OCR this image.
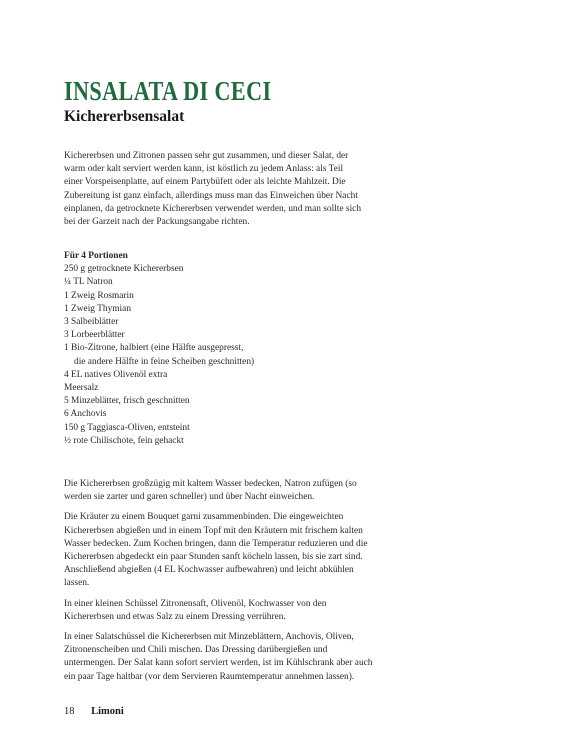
INSALATA DI CECI
Kichererbsensalat

Kichererbsen und Zitronen passen sehr gut zusammen, und dieser Salat, der warm oder kalt serviert werden kann, ist köstlich zu jedem Anlass: als Teil einer Vorspeisenplatte, auf einem Partybüfett oder als leichte Mahlzeit. Die Zubereitung ist ganz einfach, allerdings muss man das Einweichen über Nacht einplanen, da getrocknete Kichererbsen verwendet werden, und man sollte sich bei der Garzeit nach der Packungsangabe richten.

Für 4 Portionen
250 g getrocknete Kichererbsen
¼ TL Natron
1 Zweig Rosmarin
1 Zweig Thymian
3 Salbeiblätter
3 Lorbeerblätter
1 Bio-Zitrone, halbiert (eine Hälfte ausgepresst,
die andere Hälfte in feine Scheiben geschnitten)
4 EL natives Olivenöl extra
Meersalz
5 Minzeblätter, frisch geschnitten
6 Anchovis
150 g Taggiasca-Oliven, entsteint
½ rote Chilischote, fein gehackt

Die Kichererbsen großzügig mit kaltem Wasser bedecken, Natron zufügen (so werden sie zarter und garen schneller) und über Nacht einweichen.

Die Kräuter zu einem Bouquet garni zusammenbinden. Die eingeweichten Kichererbsen abgießen und in einem Topf mit den Kräutern mit frischem kalten Wasser bedecken. Zum Kochen bringen, dann die Temperatur reduzieren und die Kichererbsen abgedeckt ein paar Stunden sanft köcheln lassen, bis sie zart sind. Anschließend abgießen (4 EL Kochwasser aufbewahren) und leicht abkühlen lassen.

In einer kleinen Schüssel Zitronensaft, Olivenöl, Kochwasser von den Kichererbsen und etwas Salz zu einem Dressing verrühren.

In einer Salatschüssel die Kichererbsen mit Minzeblättern, Anchovis, Oliven, Zitronenscheiben und Chili mischen. Das Dressing darübergießen und untermengen. Der Salat kann sofort serviert werden, ist im Kühlschrank aber auch ein paar Tage haltbar (vor dem Servieren Raumtemperatur annehmen lassen).

18 Limoni
